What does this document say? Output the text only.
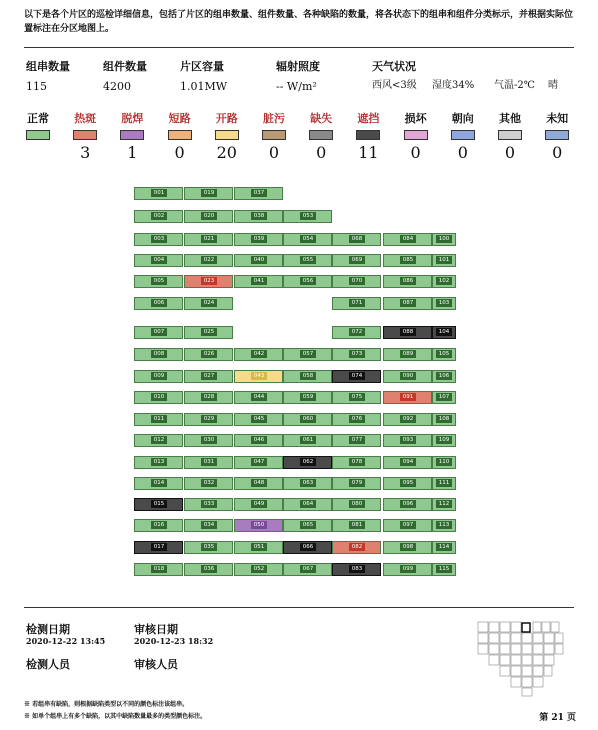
以下是各个片区的巡检详细信息，包括了片区的组串数量、组件数量、各种缺陷的数量，将各状态下的组串和组件分类标示，并根据实际位置标注在分区地图上。
组串数量
115
组件数量
4200
片区容量
1.01MW
辐射照度
-- W/m²
天气状况
西风<3级 湿度34% 气温-2℃ 晴
正常	热斑
3
脱焊
1
短路
0
开路
20
脏污
0
缺失
0
遮挡
11
损坏
0
朝向
0
其他
0
未知
0
001	019	037
002	020	038	053
003	021	039	054	068	084	100
004	022	040	055	069	085	101
005	023	041	056	070	086	102
006	024	071	087	103
007	025	072	088	104
008	026	042	057	073	089	105
009	027	043	058	074	090	106
010	028	044	059	075	091	107
011	029	045	060	076	092	108
012	030	046	061	077	093	109
013	031	047	062	078	094	110
014	032	048	063	079	095	111
015	033	049	064	080	096	112
016	034	050	065	081	097	113
017	035	051	066	082	098	114
018	036	052	067	083	099	115
检测日期
2020-12-22 13:45
审核日期
2020-12-23 18:32
检测人员	审核人员
※ 若组串有缺陷，则根据缺陷类型以不同的颜色标注该组串。
※ 如单个组串上有多个缺陷，以其中缺陷数量最多的类型颜色标注。	第 21 页
